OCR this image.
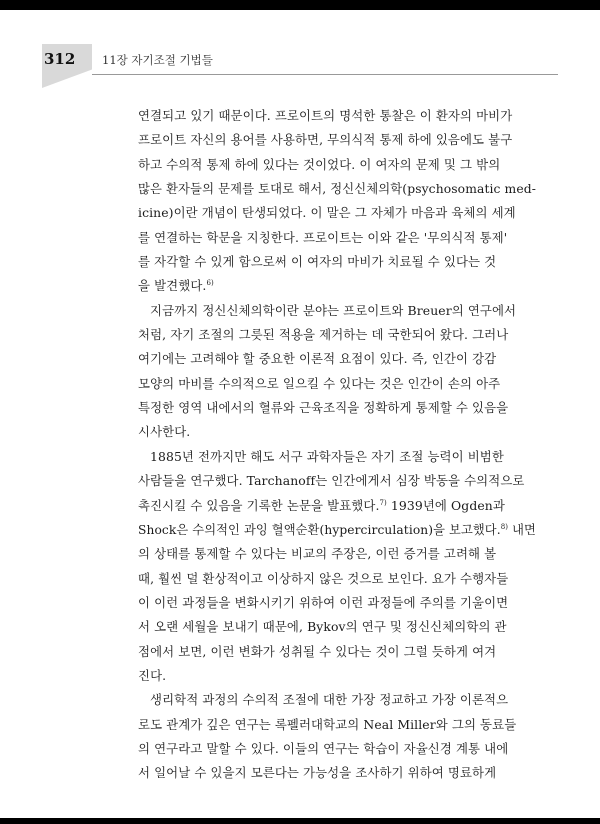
312 11장 자기조절 기법들
연결되고 있기 때문이다. 프로이트의 명석한 통찰은 이 환자의 마비가
프로이트 자신의 용어를 사용하면, 무의식적 통제 하에 있음에도 불구
하고 수의적 통제 하에 있다는 것이었다. 이 여자의 문제 및 그 밖의
많은 환자들의 문제를 토대로 해서, 정신신체의학(psychosomatic med-
icine)이란 개념이 탄생되었다. 이 말은 그 자체가 마음과 육체의 세계
를 연결하는 학문을 지칭한다. 프로이트는 이와 같은 '무의식적 통제'
를 자각할 수 있게 함으로써 이 여자의 마비가 치료될 수 있다는 것
을 발견했다.$^{6)}$
지금까지 정신신체의학이란 분야는 프로이트와 Breuer의 연구에서
처럼, 자기 조절의 그릇된 적용을 제거하는 데 국한되어 왔다. 그러나
여기에는 고려해야 할 중요한 이론적 요점이 있다. 즉, 인간이 강감
모양의 마비를 수의적으로 일으킬 수 있다는 것은 인간이 손의 아주
특정한 영역 내에서의 혈류와 근육조직을 정확하게 통제할 수 있음을
시사한다.
1885년 전까지만 해도 서구 과학자들은 자기 조절 능력이 비범한
사람들을 연구했다. Tarchanoff는 인간에게서 심장 박동을 수의적으로
촉진시킬 수 있음을 기록한 논문을 발표했다.$^{7)}$ 1939년에 Ogden과
Shock은 수의적인 과잉 혈액순환(hypercirculation)을 보고했다.$^{8)}$ 내면
의 상태를 통제할 수 있다는 비교의 주장은, 이런 증거를 고려해 볼
때, 훨씬 덜 환상적이고 이상하지 않은 것으로 보인다. 요가 수행자들
이 이런 과정들을 변화시키기 위하여 이런 과정들에 주의를 기울이면
서 오랜 세월을 보내기 때문에, Bykov의 연구 및 정신신체의학의 관
점에서 보면, 이런 변화가 성취될 수 있다는 것이 그럴 듯하게 여겨
진다.
생리학적 과정의 수의적 조절에 대한 가장 정교하고 가장 이론적으
로도 관계가 깊은 연구는 록펠러대학교의 Neal Miller와 그의 동료들
의 연구라고 말할 수 있다. 이들의 연구는 학습이 자율신경 계통 내에
서 일어날 수 있을지 모른다는 가능성을 조사하기 위하여 명료하게
